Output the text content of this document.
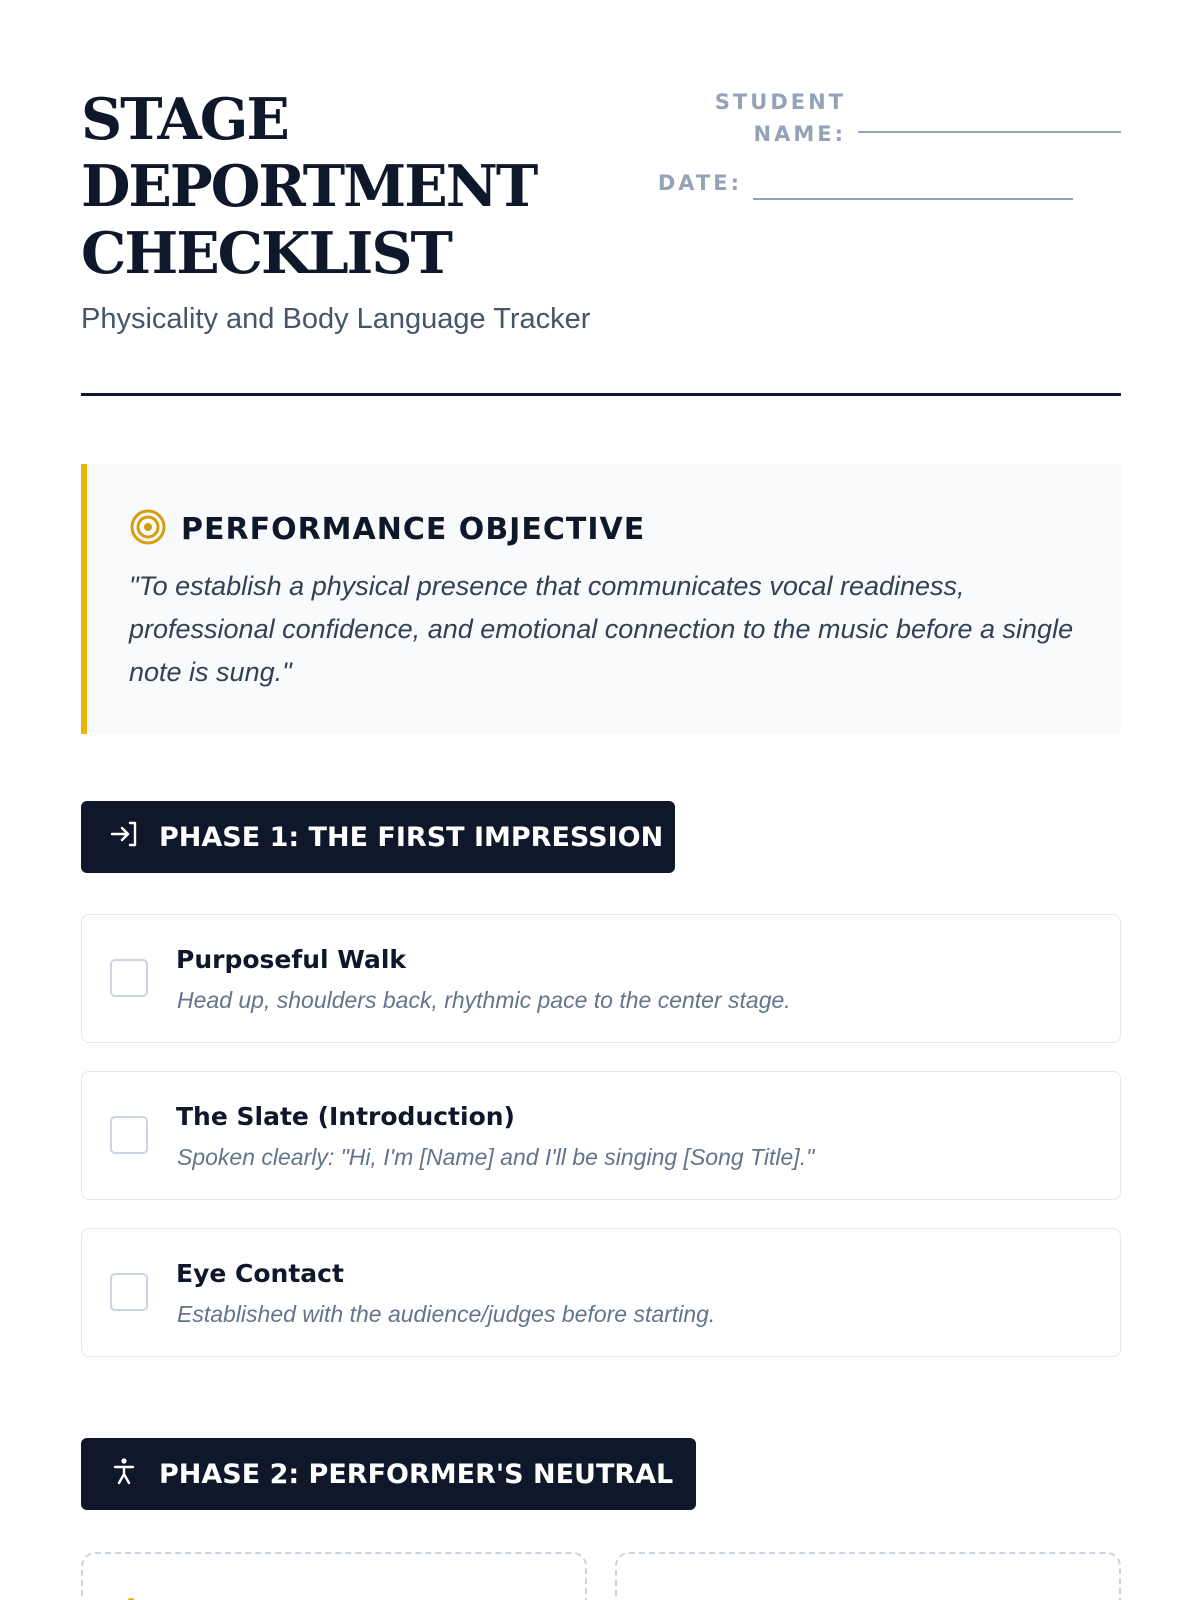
STAGE
DEPORTMENT
CHECKLIST
Physicality and Body Language Tracker
STUDENT
NAME:
DATE:
PERFORMANCE OBJECTIVE
"To establish a physical presence that communicates vocal readiness, professional confidence, and emotional connection to the music before a single note is sung."
PHASE 1: THE FIRST IMPRESSION
Purposeful Walk
Head up, shoulders back, rhythmic pace to the center stage.
The Slate (Introduction)
Spoken clearly: "Hi, I'm [Name] and I'll be singing [Song Title]."
Eye Contact
Established with the audience/judges before starting.
PHASE 2: PERFORMER'S NEUTRAL
